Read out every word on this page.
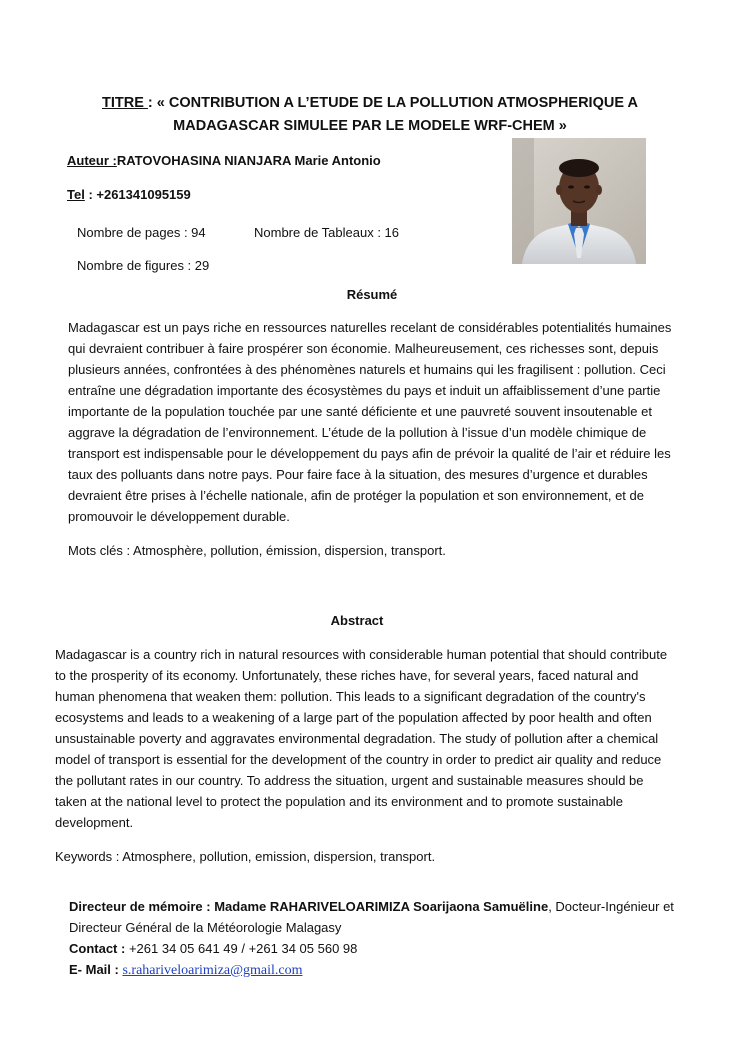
TITRE : « CONTRIBUTION A L’ETUDE DE LA POLLUTION ATMOSPHERIQUE A
MADAGASCAR SIMULEE PAR LE MODELE WRF-CHEM »
Auteur :RATOVOHASINA NIANJARA Marie Antonio
Tel : +261341095159
Nombre de pages : 94	Nombre de Tableaux : 16
Nombre de figures : 29
Résumé

Madagascar est un pays riche en ressources naturelles recelant de considérables potentialités humaines qui devraient contribuer à faire prospérer son économie. Malheureusement, ces richesses sont, depuis plusieurs années, confrontées à des phénomènes naturels et humains qui les fragilisent : pollution. Ceci entraîne une dégradation importante des écosystèmes du pays et induit un affaiblissement d’une partie importante de la population touchée par une santé déficiente et une pauvreté souvent insoutenable et aggrave la dégradation de l’environnement. L’étude de la pollution à l’issue d’un modèle chimique de transport est indispensable pour le développement du pays afin de prévoir la qualité de l’air et réduire les taux des polluants dans notre pays. Pour faire face à la situation, des mesures d’urgence et durables devraient être prises à l’échelle nationale, afin de protéger la population et son environnement, et de promouvoir le développement durable.

Mots clés : Atmosphère, pollution, émission, dispersion, transport.

Abstract

Madagascar is a country rich in natural resources with considerable human potential that should contribute to the prosperity of its economy. Unfortunately, these riches have, for several years, faced natural and human phenomena that weaken them: pollution. This leads to a significant degradation of the country's ecosystems and leads to a weakening of a large part of the population affected by poor health and often unsustainable poverty and aggravates environmental degradation. The study of pollution after a chemical model of transport is essential for the development of the country in order to predict air quality and reduce the pollutant rates in our country. To address the situation, urgent and sustainable measures should be taken at the national level to protect the population and its environment and to promote sustainable development.

Keywords : Atmosphere, pollution, emission, dispersion, transport.

Directeur de mémoire : Madame RAHARIVELOARIMIZA Soarijaona Samuëline, Docteur-Ingénieur et Directeur Général de la Météorologie Malagasy
Contact : +261 34 05 641 49 / +261 34 05 560 98
E- Mail : s.rahariveloarimiza@gmail.com
